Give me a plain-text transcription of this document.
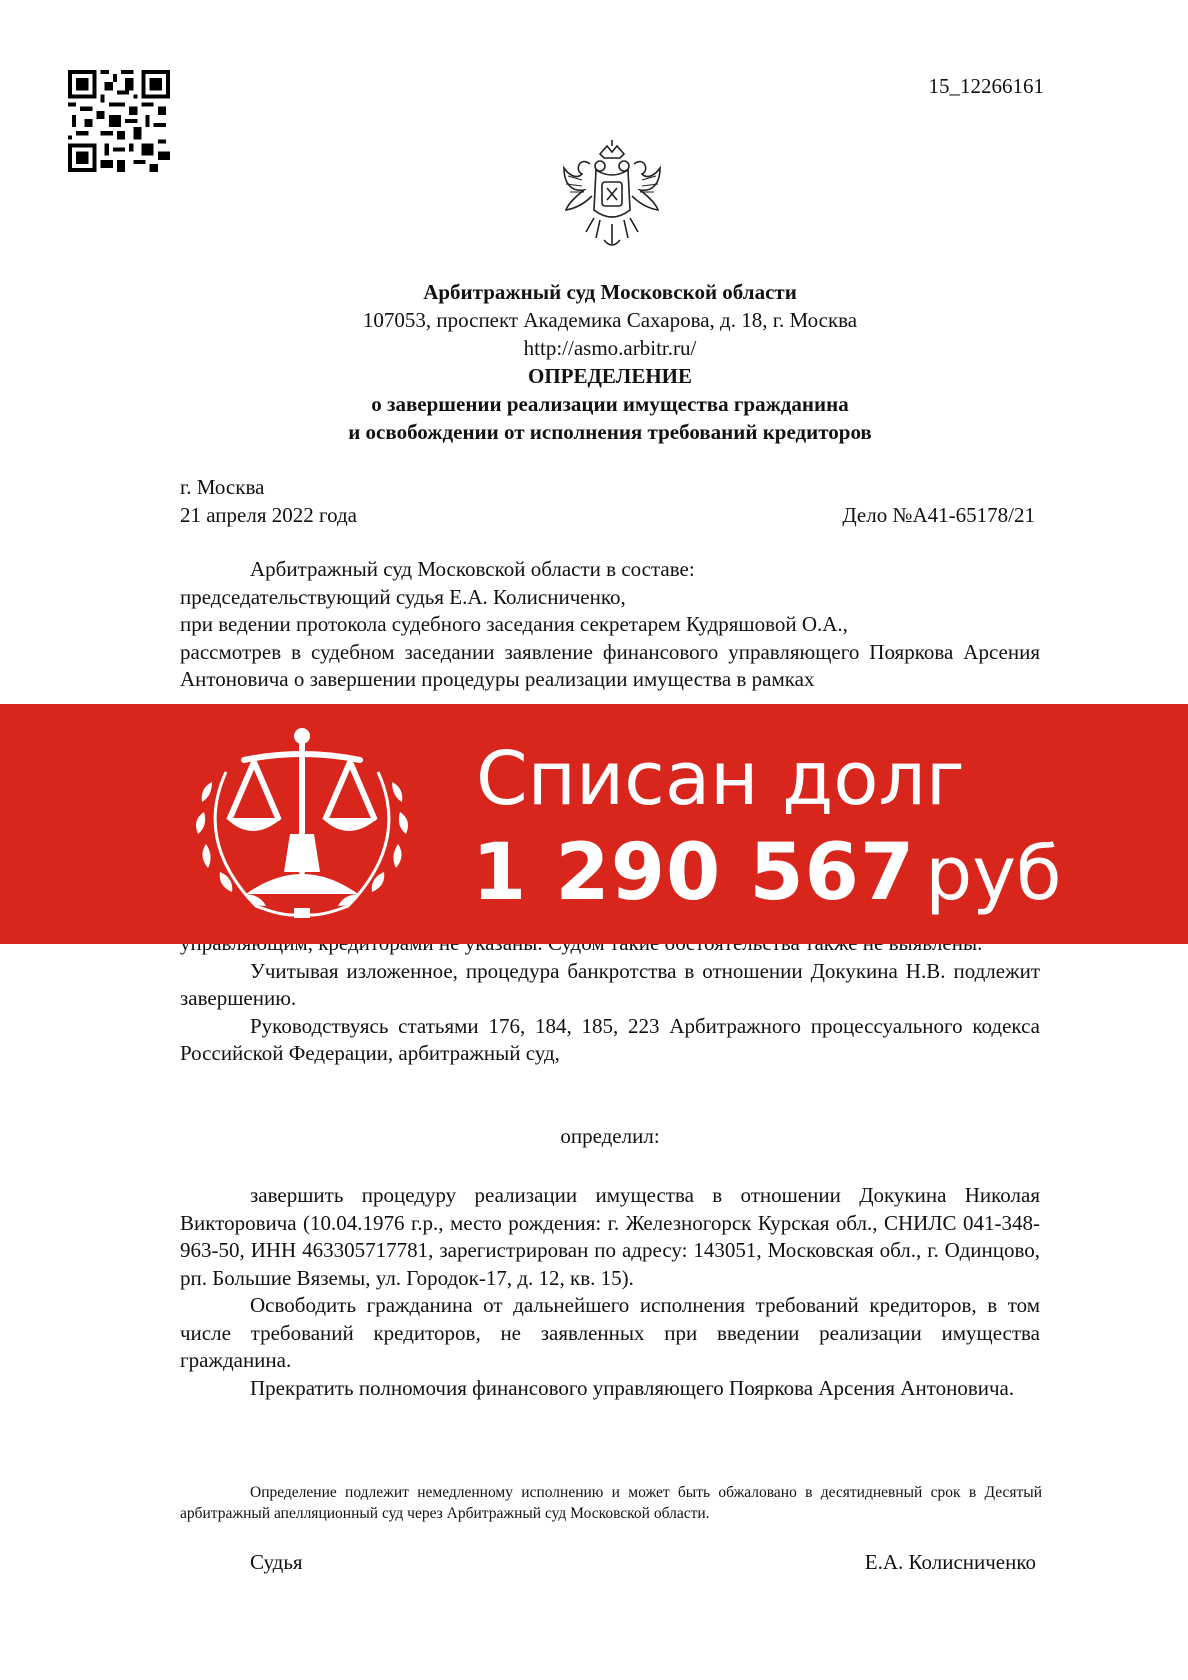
15_12266161
Арбитражный суд Московской области
107053, проспект Академика Сахарова, д. 18, г. Москва
http://asmo.arbitr.ru/
ОПРЕДЕЛЕНИЕ
о завершении реализации имущества гражданина
и освобождении от исполнения требований кредиторов
г. Москва
21 апреля 2022 года	Дело №А41-65178/21

Арбитражный суд Московской области в составе:

председательствующий судья Е.А. Колисниченко,

при ведении протокола судебного заседания секретарем Кудряшовой О.А.,

рассмотрев в судебном заседании заявление финансового управляющего Пояркова Арсения Антоновича о завершении процедуры реализации имущества в рамках

Учитывая изложенное, процедура банкротства в отношении Докукина Н.В. подлежит завершению.

Руководствуясь статьями 176, 184, 185, 223 Арбитражного процессуального кодекса Российской Федерации, арбитражный суд,

определил:

завершить процедуру реализации имущества в отношении Докукина Николая Викторовича (10.04.1976 г.р., место рождения: г. Железногорск Курская обл., СНИЛС 041-348-963-50, ИНН 463305717781, зарегистрирован по адресу: 143051, Московская обл., г. Одинцово, рп. Большие Вяземы, ул. Городок-17, д. 12, кв. 15).

Освободить гражданина от дальнейшего исполнения требований кредиторов, в том числе требований кредиторов, не заявленных при введении реализации имущества гражданина.

Прекратить полномочия финансового управляющего Пояркова Арсения Антоновича.

Определение подлежит немедленному исполнению и может быть обжаловано в десятидневный срок в Десятый арбитражный апелляционный суд через Арбитражный суд Московской области.

Судья	Е.А. Колисниченко
Списан долг
1 290 567 руб
